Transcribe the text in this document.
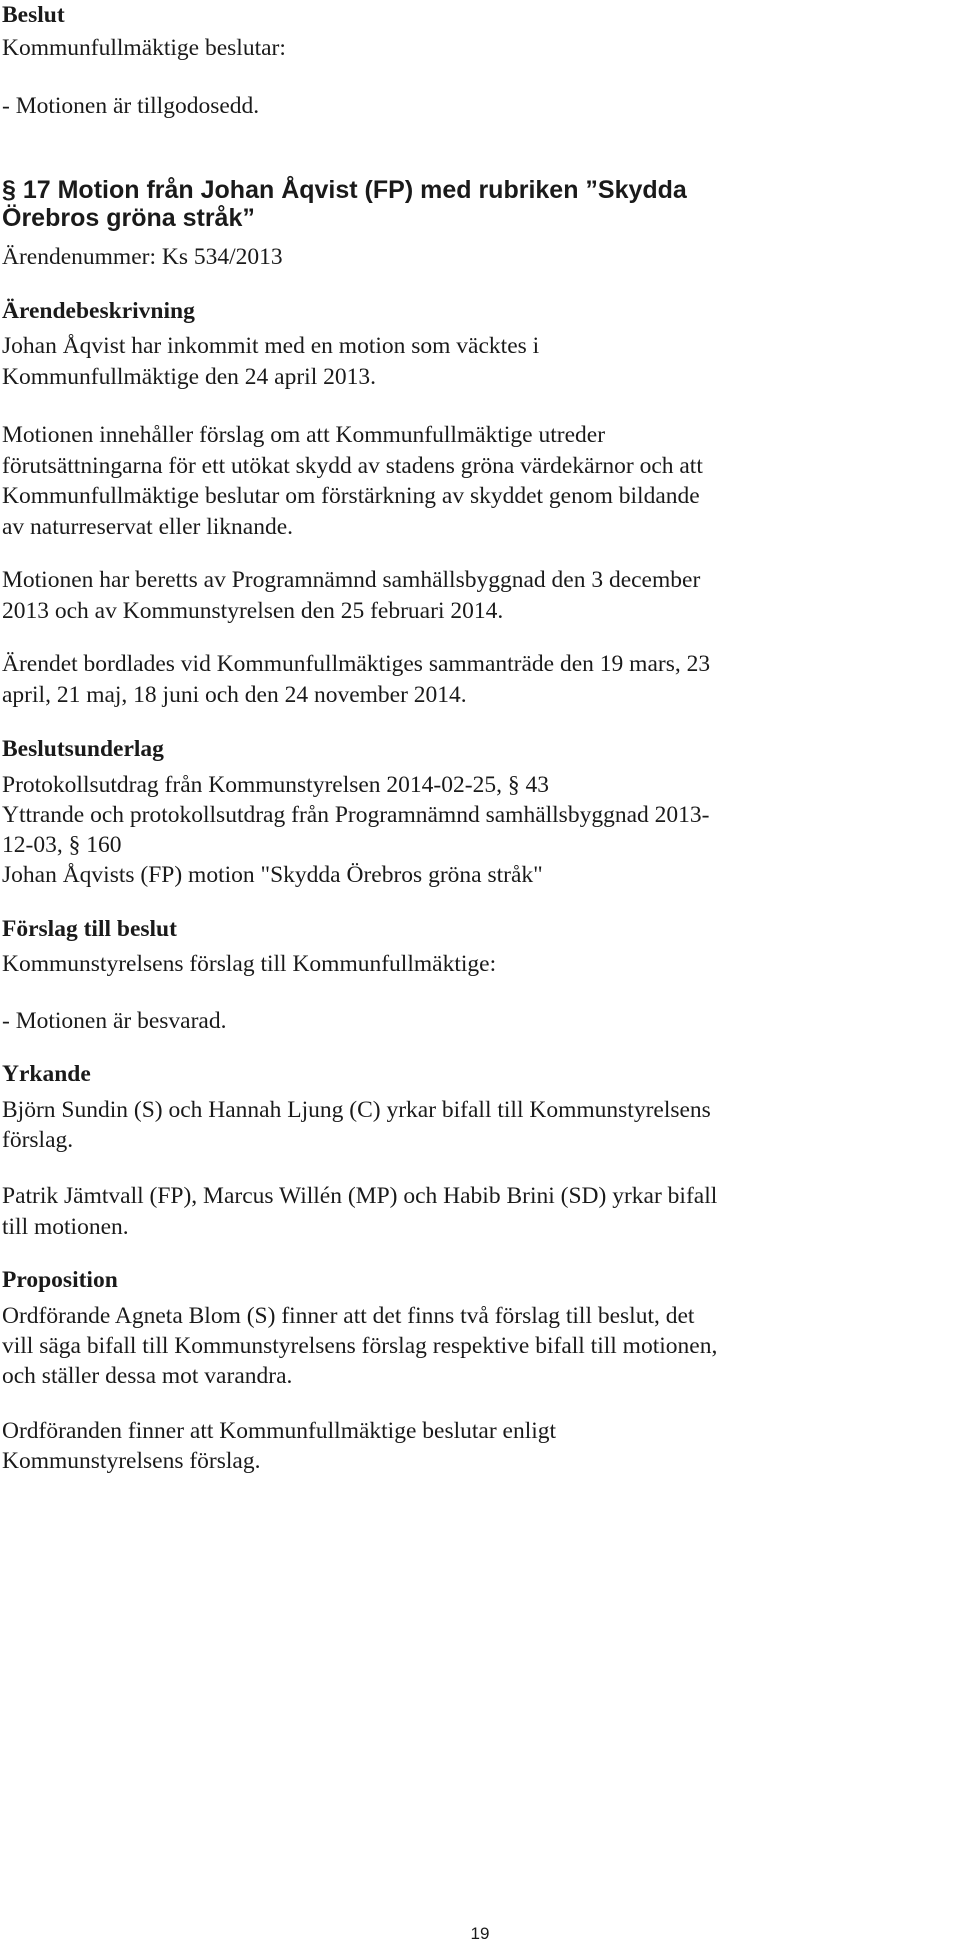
Beslut

Kommunfullmäktige beslutar:

- Motionen är tillgodosedd.

§ 17 Motion från Johan Åqvist (FP) med rubriken ”Skydda

Örebros gröna stråk”

Ärendenummer: Ks 534/2013

Ärendebeskrivning

Johan Åqvist har inkommit med en motion som väcktes i

Kommunfullmäktige den 24 april 2013.

Motionen innehåller förslag om att Kommunfullmäktige utreder

förutsättningarna för ett utökat skydd av stadens gröna värdekärnor och att

Kommunfullmäktige beslutar om förstärkning av skyddet genom bildande

av naturreservat eller liknande.

Motionen har beretts av Programnämnd samhällsbyggnad den 3 december

2013 och av Kommunstyrelsen den 25 februari 2014.

Ärendet bordlades vid Kommunfullmäktiges sammanträde den 19 mars, 23

april, 21 maj, 18 juni och den 24 november 2014.

Beslutsunderlag

Protokollsutdrag från Kommunstyrelsen 2014-02-25, § 43

Yttrande och protokollsutdrag från Programnämnd samhällsbyggnad 2013-

12-03, § 160

Johan Åqvists (FP) motion "Skydda Örebros gröna stråk"

Förslag till beslut

Kommunstyrelsens förslag till Kommunfullmäktige:

- Motionen är besvarad.

Yrkande

Björn Sundin (S) och Hannah Ljung (C) yrkar bifall till Kommunstyrelsens

förslag.

Patrik Jämtvall (FP), Marcus Willén (MP) och Habib Brini (SD) yrkar bifall

till motionen.

Proposition

Ordförande Agneta Blom (S) finner att det finns två förslag till beslut, det

vill säga bifall till Kommunstyrelsens förslag respektive bifall till motionen,

och ställer dessa mot varandra.

Ordföranden finner att Kommunfullmäktige beslutar enligt

Kommunstyrelsens förslag.

19
